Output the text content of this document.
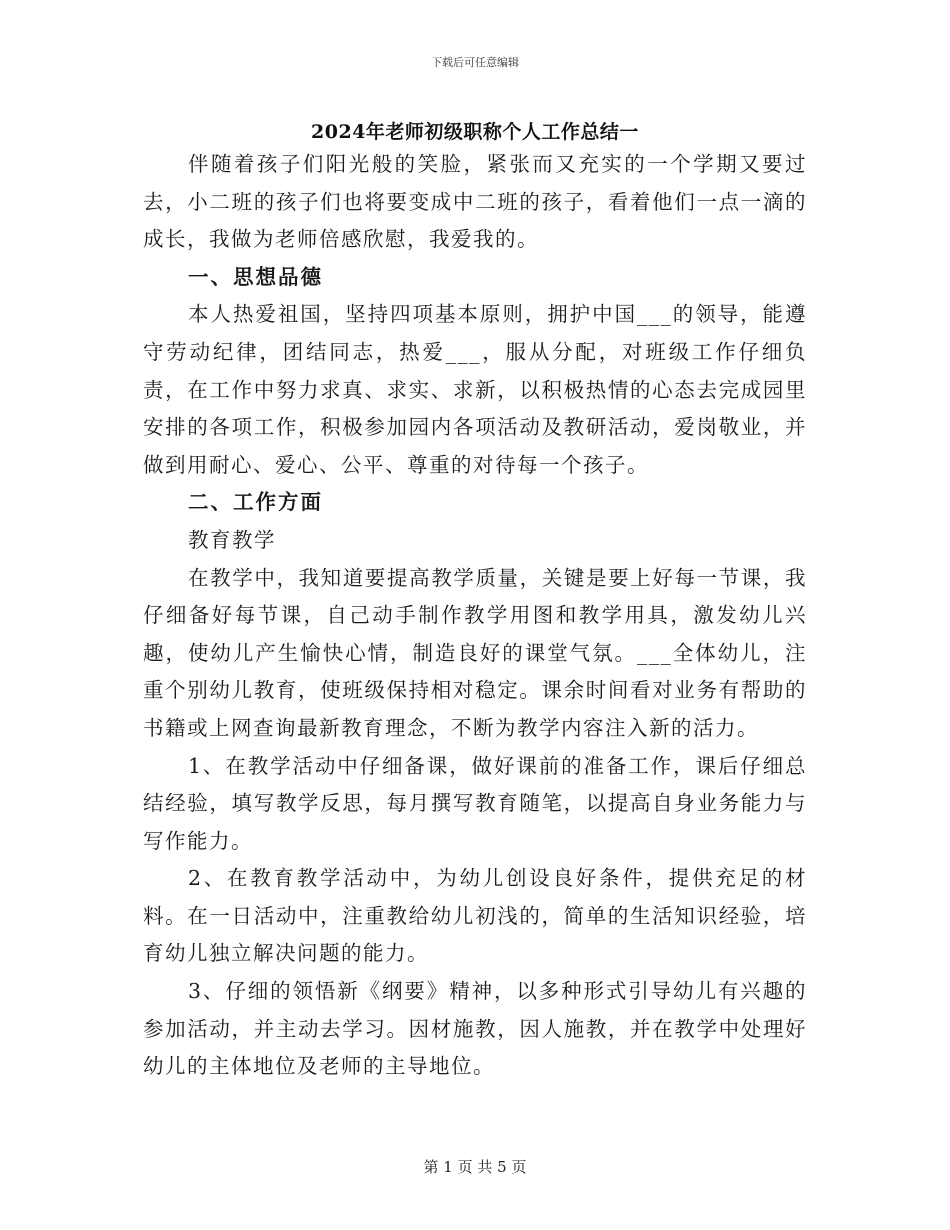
下载后可任意编辑
2024年老师初级职称个人工作总结一

伴随着孩子们阳光般的笑脸，紧张而又充实的一个学期又要过去，小二班的孩子们也将要变成中二班的孩子，看着他们一点一滴的成长，我做为老师倍感欣慰，我爱我的。

一、思想品德

本人热爱祖国，坚持四项基本原则，拥护中国___的领导，能遵守劳动纪律，团结同志，热爱___，服从分配，对班级工作仔细负责，在工作中努力求真、求实、求新，以积极热情的心态去完成园里安排的各项工作，积极参加园内各项活动及教研活动，爱岗敬业，并做到用耐心、爱心、公平、尊重的对待每一个孩子。

二、工作方面

教育教学

在教学中，我知道要提高教学质量，关键是要上好每一节课，我仔细备好每节课，自己动手制作教学用图和教学用具，激发幼儿兴趣，使幼儿产生愉快心情，制造良好的课堂气氛。___全体幼儿，注重个别幼儿教育，使班级保持相对稳定。课余时间看对业务有帮助的书籍或上网查询最新教育理念，不断为教学内容注入新的活力。

1、在教学活动中仔细备课，做好课前的准备工作，课后仔细总结经验，填写教学反思，每月撰写教育随笔，以提高自身业务能力与写作能力。

2、在教育教学活动中，为幼儿创设良好条件，提供充足的材料。在一日活动中，注重教给幼儿初浅的，简单的生活知识经验，培育幼儿独立解决问题的能力。

3、仔细的领悟新《纲要》精神，以多种形式引导幼儿有兴趣的参加活动，并主动去学习。因材施教，因人施教，并在教学中处理好幼儿的主体地位及老师的主导地位。

第 1 页 共 5 页
